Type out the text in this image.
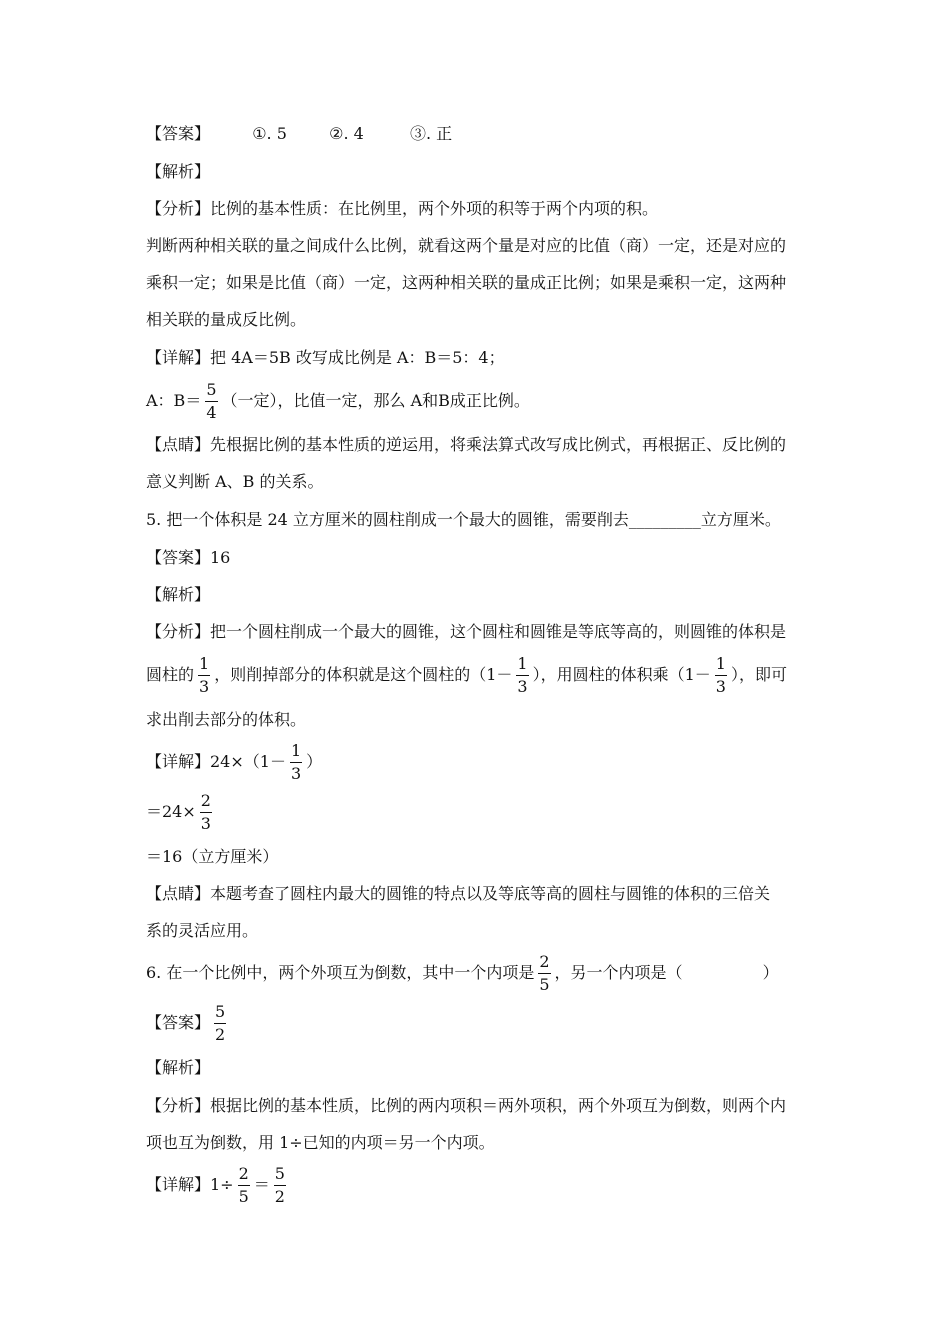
【答案】	①. 5	②. 4	③. 正
【解析】
【分析】比例的基本性质：在比例里，两个外项的积等于两个内项的积。
判断两种相关联的量之间成什么比例，就看这两个量是对应的比值（商）一定，还是对应的
乘积一定；如果是比值（商）一定，这两种相关联的量成正比例；如果是乘积一定，这两种
相关联的量成反比例。
【详解】把 4A＝5B 改写成比例是 A：B＝5：4；
A：$B= \frac{5}{4}$ （一定），比值一定，那么 A和B成正比例。
【点睛】先根据比例的基本性质的逆运用，将乘法算式改写成比例式，再根据正、反比例的
意义判断 A、B 的关系。
5. 把一个体积是 24 立方厘米的圆柱削成一个最大的圆锥，需要削去_________立方厘米。
【答案】16
【解析】
【分析】把一个圆柱削成一个最大的圆锥，这个圆柱和圆锥是等底等高的，则圆锥的体积是
圆柱的 $\frac{1}{3}$ ，则削掉部分的体积就是这个圆柱的（$1- \frac{1}{3}$ ），用圆柱的体积乘（$1- \frac{1}{3}$ ），即可
求出削去部分的体积。
【详解】$24\times(1- \frac{1}{3}$ ）
$=24\times \frac{2}{3}$
＝16（立方厘米）
【点睛】本题考查了圆柱内最大的圆锥的特点以及等底等高的圆柱与圆锥的体积的三倍关
系的灵活应用。
6. 在一个比例中，两个外项互为倒数，其中一个内项是 $\frac{2}{5}$ ，另一个内项是（	）
【答案】 $\frac{5}{2}$
【解析】
【分析】根据比例的基本性质，比例的两内项积＝两外项积，两个外项互为倒数，则两个内
项也互为倒数，用 1÷已知的内项＝另一个内项。
【详解】$1\div \frac{2}{5} = \frac{5}{2}$
